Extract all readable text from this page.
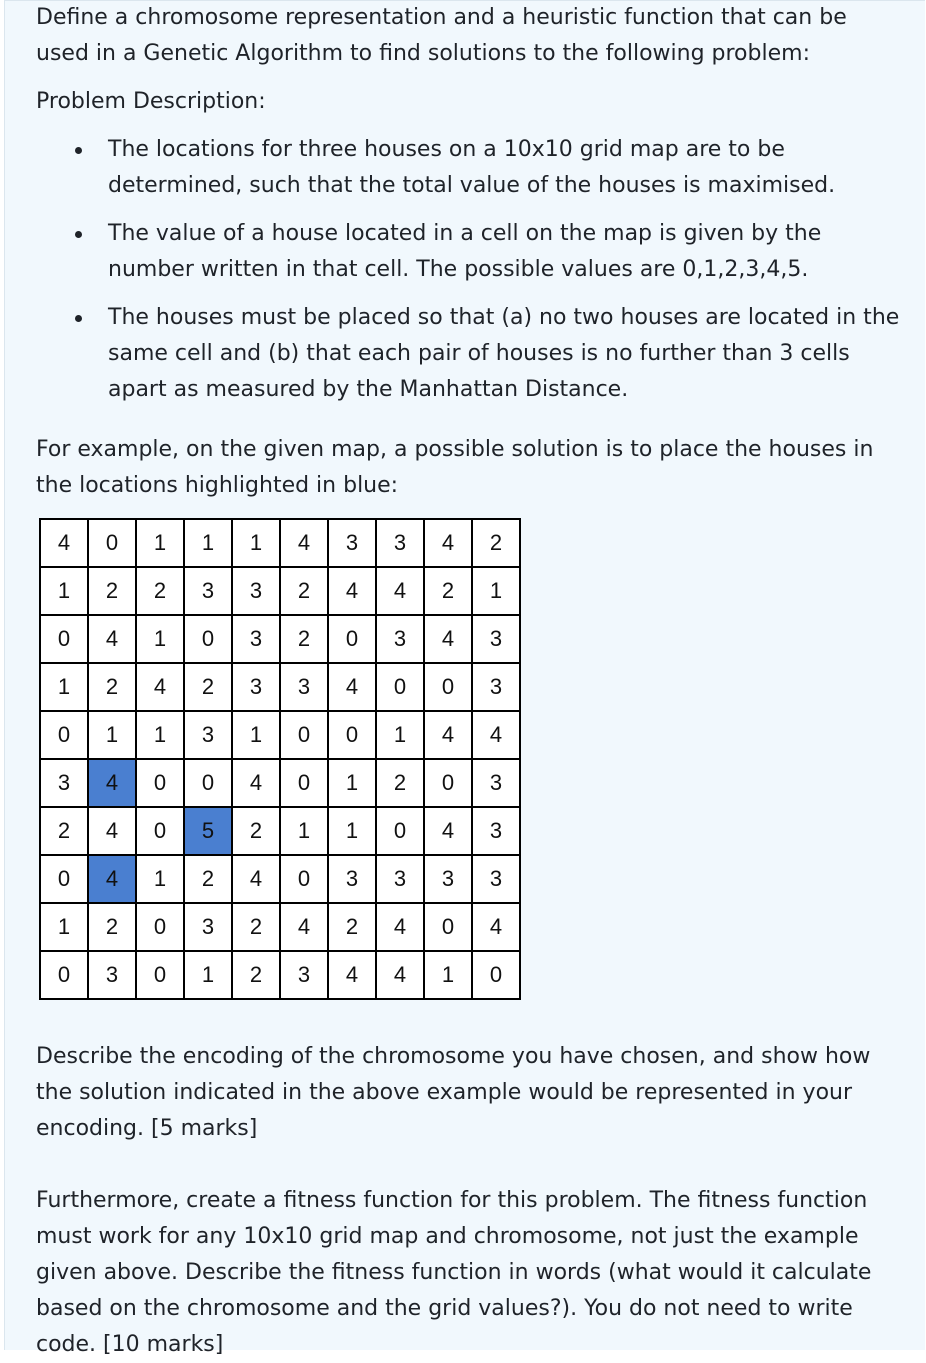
Define a chromosome representation and a heuristic function that can be used in a Genetic Algorithm to find solutions to the following problem:

Problem Description:

The locations for three houses on a 10x10 grid map are to be determined, such that the total value of the houses is maximised.
The value of a house located in a cell on the map is given by the number written in that cell. The possible values are 0,1,2,3,4,5.
The houses must be placed so that (a) no two houses are located in the same cell and (b) that each pair of houses is no further than 3 cells apart as measured by the Manhattan Distance.

For example, on the given map, a possible solution is to place the houses in the locations highlighted in blue:

4	0	1	1	1	4	3	3	4	2
1	2	2	3	3	2	4	4	2	1
0	4	1	0	3	2	0	3	4	3
1	2	4	2	3	3	4	0	0	3
0	1	1	3	1	0	0	1	4	4
3	4	0	0	4	0	1	2	0	3
2	4	0	5	2	1	1	0	4	3
0	4	1	2	4	0	3	3	3	3
1	2	0	3	2	4	2	4	0	4
0	3	0	1	2	3	4	4	1	0

Describe the encoding of the chromosome you have chosen, and show how the solution indicated in the above example would be represented in your encoding. [5 marks]

Furthermore, create a fitness function for this problem. The fitness function must work for any 10x10 grid map and chromosome, not just the example given above. Describe the fitness function in words (what would it calculate based on the chromosome and the grid values?). You do not need to write code. [10 marks]
